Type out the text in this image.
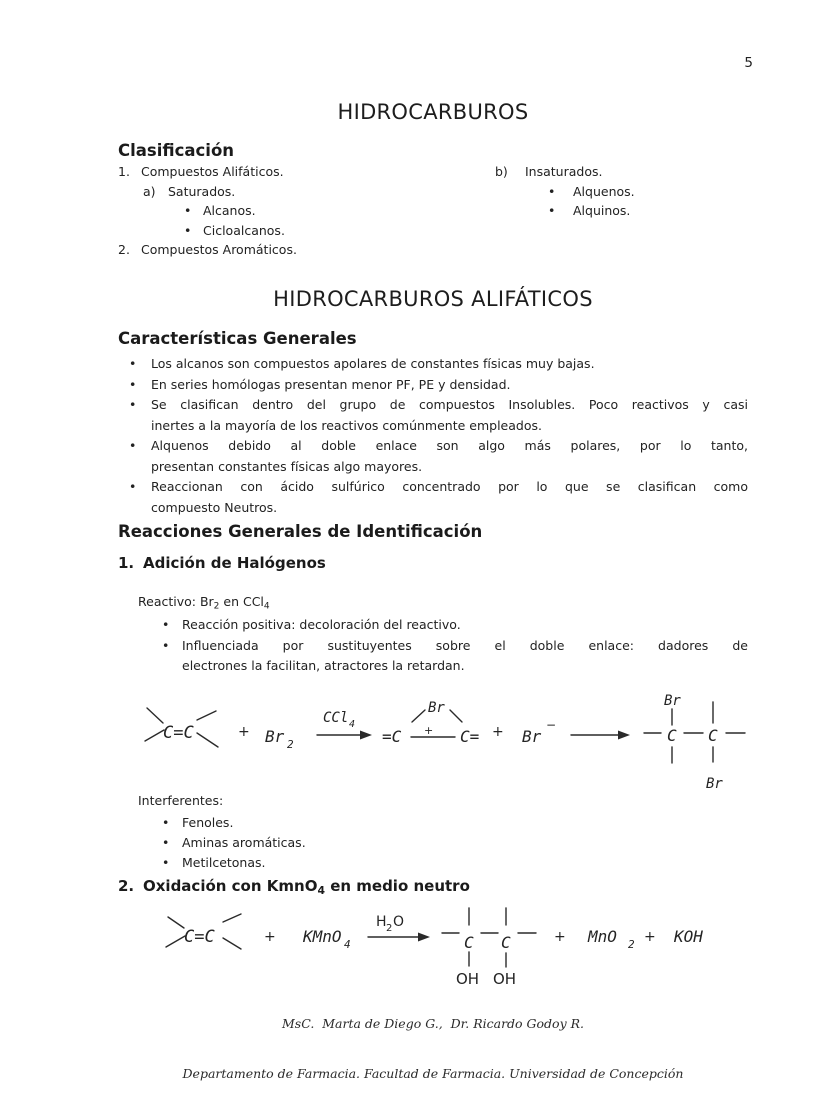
5
HIDROCARBUROS
Clasificación
1. Compuestos Alifáticos.
a) Saturados.
• Alcanos.
• Cicloalcanos.
2. Compuestos Aromáticos.
b)	Insaturados.
•	Alquenos.
•	Alquinos.
HIDROCARBUROS ALIFÁTICOS
Características Generales
•	Los alcanos son compuestos apolares de constantes físicas muy bajas.
•	En series homólogas presentan menor PF, PE y densidad.
•	Se clasifican dentro del grupo de compuestos Insolubles. Poco reactivos y casi
inertes a la mayoría de los reactivos comúnmente empleados.
•	Alquenos debido al doble enlace son algo más polares, por lo tanto,
presentan constantes físicas algo mayores.
•	Reaccionan con ácido sulfúrico concentrado por lo que se clasifican como
compuesto Neutros.
Reacciones Generales de Identificación
1. Adición de Halógenos
Reactivo: $Br_2$ en CCl$_4$
•	Reacción positiva: decoloración del reactivo.
•	Influenciada por sustituyentes sobre el doble enlace: dadores de
electrones la facilitan, atractores la retardan.
C=C	+ Br 2
CCl 4
=C +
Br
C= + Br
−
Br
C C
Br
Interferentes:
•	Fenoles.
•	Aminas aromáticas.
•	Metilcetonas.
2. Oxidación con KmnO$_4$ en medio neutro
C=C	+ KMnO 4
H 2 O
C C
OH OH
+ MnO 2 + KOH

MsC.  Marta de Diego G.,  Dr. Ricardo Godoy R.

Departamento de Farmacia. Facultad de Farmacia. Universidad de Concepción
